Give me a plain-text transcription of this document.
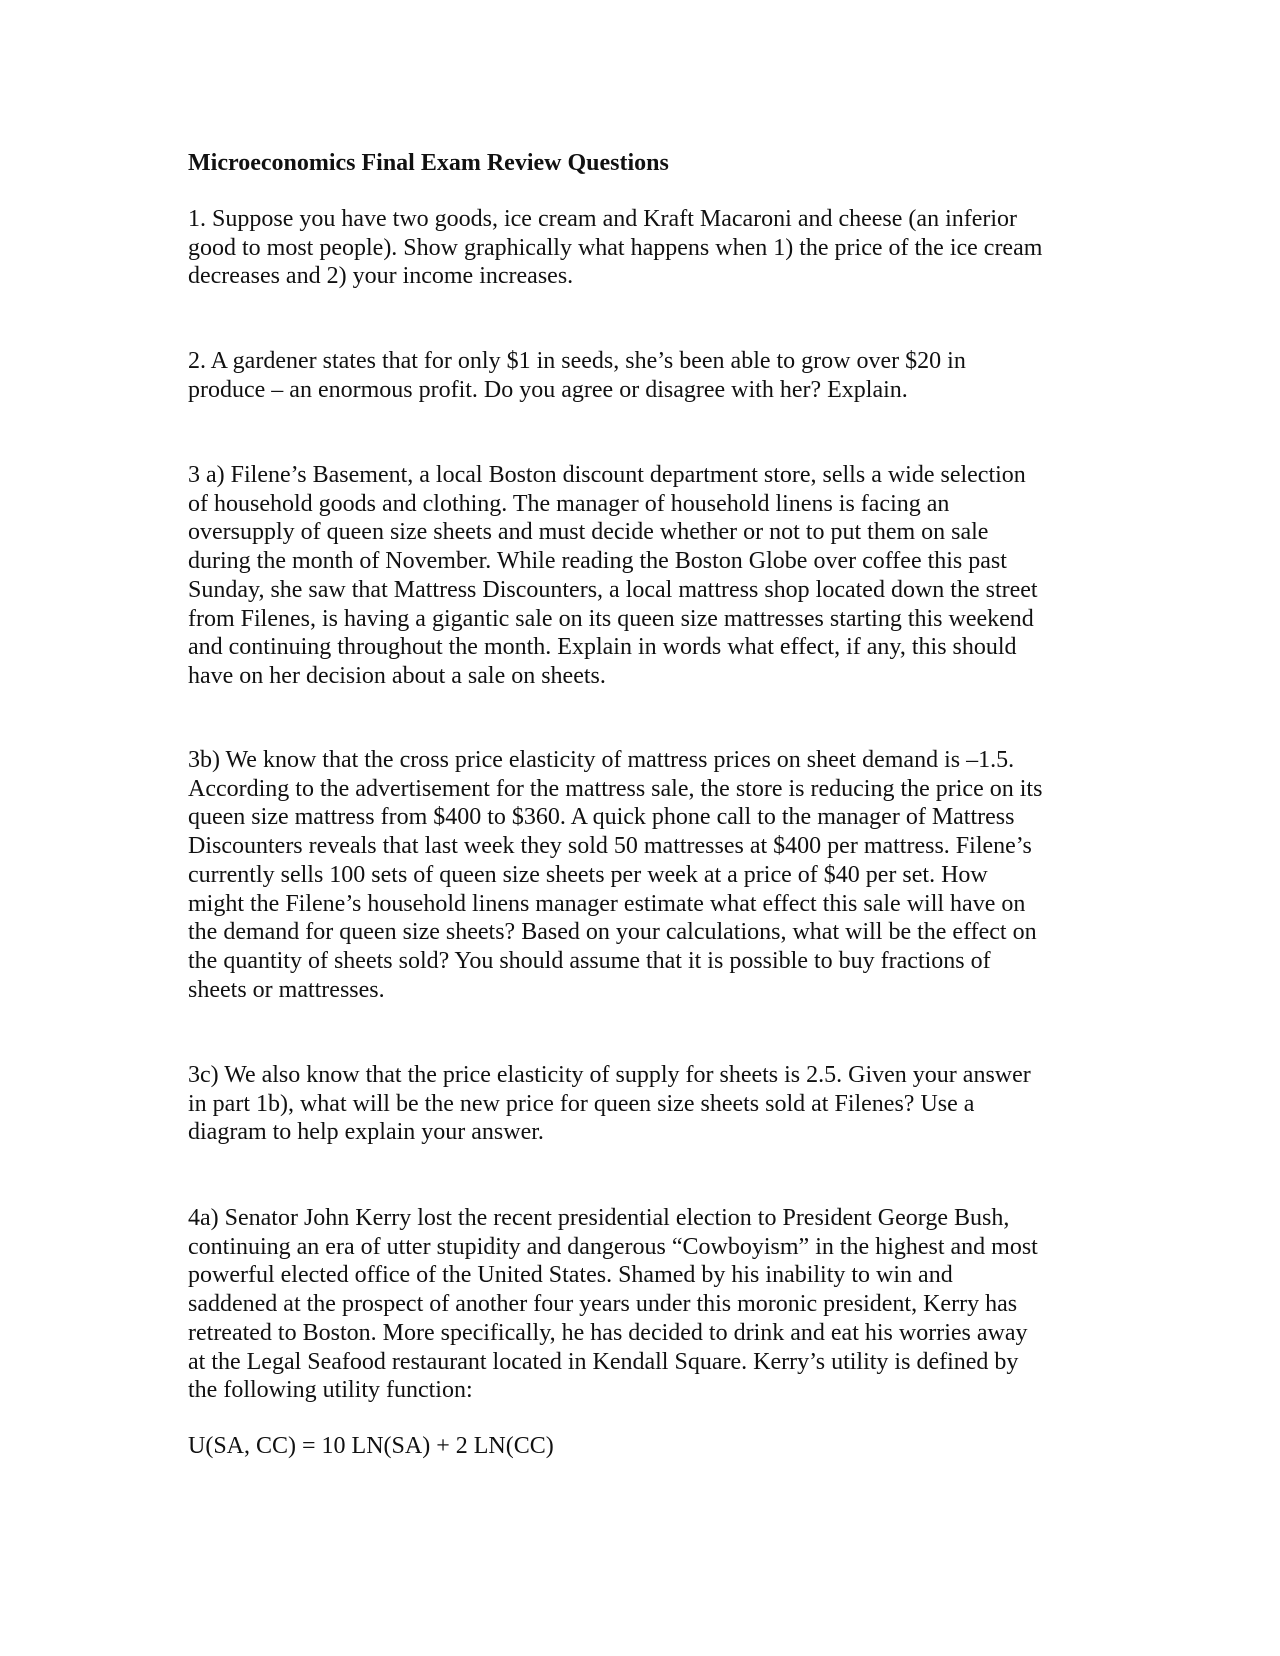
Microeconomics Final Exam Review Questions

1. Suppose you have two goods, ice cream and Kraft Macaroni and cheese (an inferior
good to most people). Show graphically what happens when 1) the price of the ice cream
decreases and 2) your income increases.

2. A gardener states that for only $1 in seeds, she’s been able to grow over $20 in
produce – an enormous profit. Do you agree or disagree with her? Explain.

3 a) Filene’s Basement, a local Boston discount department store, sells a wide selection
of household goods and clothing. The manager of household linens is facing an
oversupply of queen size sheets and must decide whether or not to put them on sale
during the month of November. While reading the Boston Globe over coffee this past
Sunday, she saw that Mattress Discounters, a local mattress shop located down the street
from Filenes, is having a gigantic sale on its queen size mattresses starting this weekend
and continuing throughout the month. Explain in words what effect, if any, this should
have on her decision about a sale on sheets.

3b) We know that the cross price elasticity of mattress prices on sheet demand is –1.5.
According to the advertisement for the mattress sale, the store is reducing the price on its
queen size mattress from $400 to $360. A quick phone call to the manager of Mattress
Discounters reveals that last week they sold 50 mattresses at $400 per mattress. Filene’s
currently sells 100 sets of queen size sheets per week at a price of $40 per set. How
might the Filene’s household linens manager estimate what effect this sale will have on
the demand for queen size sheets? Based on your calculations, what will be the effect on
the quantity of sheets sold? You should assume that it is possible to buy fractions of
sheets or mattresses.

3c) We also know that the price elasticity of supply for sheets is 2.5. Given your answer
in part 1b), what will be the new price for queen size sheets sold at Filenes? Use a
diagram to help explain your answer.

4a) Senator John Kerry lost the recent presidential election to President George Bush,
continuing an era of utter stupidity and dangerous “Cowboyism” in the highest and most
powerful elected office of the United States. Shamed by his inability to win and
saddened at the prospect of another four years under this moronic president, Kerry has
retreated to Boston. More specifically, he has decided to drink and eat his worries away
at the Legal Seafood restaurant located in Kendall Square. Kerry’s utility is defined by
the following utility function:

U(SA, CC) = 10 LN(SA) + 2 LN(CC)
